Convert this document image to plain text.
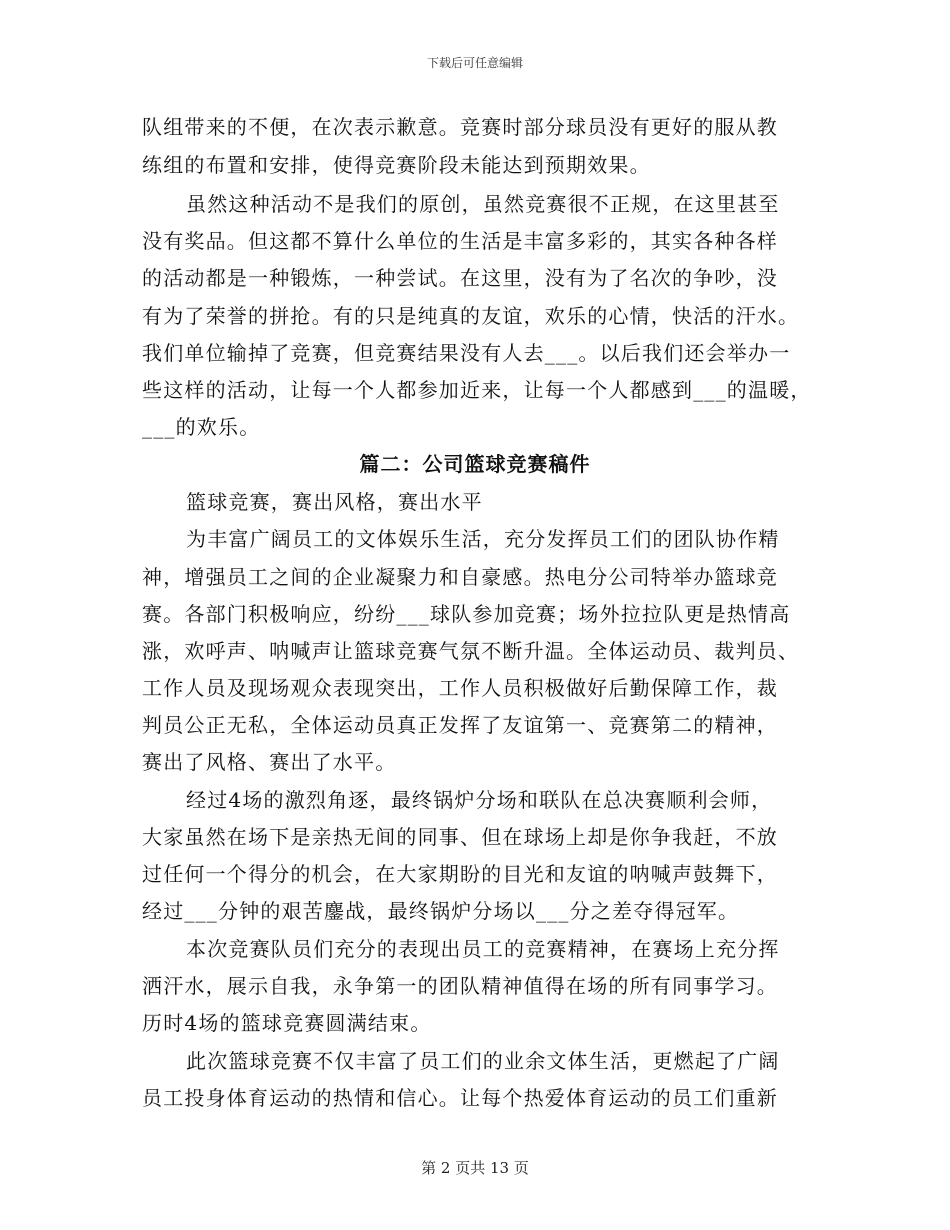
下载后可任意编辑
队组带来的不便，在次表示歉意。竞赛时部分球员没有更好的服从教
练组的布置和安排，使得竞赛阶段未能达到预期效果。
虽然这种活动不是我们的原创，虽然竞赛很不正规，在这里甚至
没有奖品。但这都不算什么单位的生活是丰富多彩的，其实各种各样
的活动都是一种锻炼，一种尝试。在这里，没有为了名次的争吵，没
有为了荣誉的拼抢。有的只是纯真的友谊，欢乐的心情，快活的汗水。
我们单位输掉了竞赛，但竞赛结果没有人去___。以后我们还会举办一
些这样的活动，让每一个人都参加近来，让每一个人都感到___的温暖，
___的欢乐。
篇二：公司篮球竞赛稿件
篮球竞赛，赛出风格，赛出水平
为丰富广阔员工的文体娱乐生活，充分发挥员工们的团队协作精
神，增强员工之间的企业凝聚力和自豪感。热电分公司特举办篮球竞
赛。各部门积极响应，纷纷___球队参加竞赛；场外拉拉队更是热情高
涨，欢呼声、呐喊声让篮球竞赛气氛不断升温。全体运动员、裁判员、
工作人员及现场观众表现突出，工作人员积极做好后勤保障工作，裁
判员公正无私，全体运动员真正发挥了友谊第一、竞赛第二的精神，
赛出了风格、赛出了水平。
经过4场的激烈角逐，最终锅炉分场和联队在总决赛顺利会师，
大家虽然在场下是亲热无间的同事、但在球场上却是你争我赶，不放
过任何一个得分的机会，在大家期盼的目光和友谊的呐喊声鼓舞下，
经过___分钟的艰苦鏖战，最终锅炉分场以___分之差夺得冠军。
本次竞赛队员们充分的表现出员工的竞赛精神，在赛场上充分挥
洒汗水，展示自我，永争第一的团队精神值得在场的所有同事学习。
历时4场的篮球竞赛圆满结束。
此次篮球竞赛不仅丰富了员工们的业余文体生活，更燃起了广阔
员工投身体育运动的热情和信心。让每个热爱体育运动的员工们重新
第 2 页共 13 页
